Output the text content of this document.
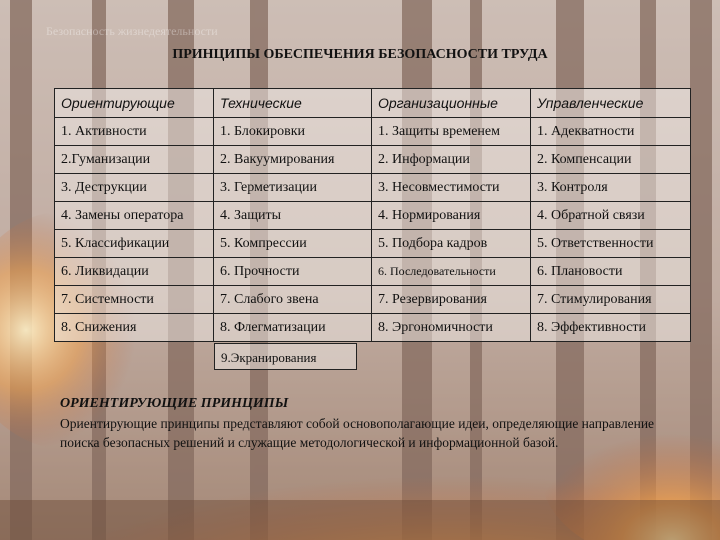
Безопасность жизнедеятельности
ПРИНЦИПЫ ОБЕСПЕЧЕНИЯ БЕЗОПАСНОСТИ ТРУДА
Ориентирующие	Технические	Организационные	Управленческие
1. Активности	1. Блокировки	1. Защиты временем	1. Адекватности
2.Гуманизации	2. Вакуумирования	2. Информации	2. Компенсации
3. Деструкции	3. Герметизации	3. Несовместимости	3. Контроля
4. Замены оператора	4. Защиты	4. Нормирования	4. Обратной связи
5. Классификации	5. Компрессии	5. Подбора кадров	5. Ответственности
6. Ликвидации	6. Прочности	6. Последовательности	6. Плановости
7. Системности	7. Слабого звена	7. Резервирования	7. Стимулирования
8. Снижения	8. Флегматизации	8. Эргономичности	8. Эффективности
9.Экранирования
ОРИЕНТИРУЮЩИЕ ПРИНЦИПЫ
Ориентирующие принципы представляют собой основополагающие идеи, определяющие направление поиска безопасных решений и служащие методологической и информационной базой.
